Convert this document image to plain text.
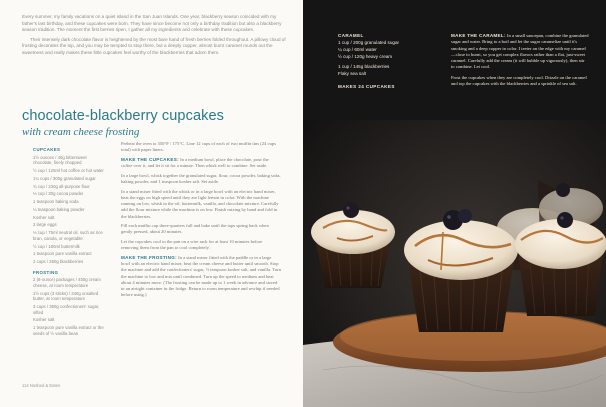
Every summer, my family vacations on a quiet island in the San Juan Islands. One year, blackberry season coincided with my father's last birthday, and these cupcakes were born. They have since become not only a birthday tradition but also a blackberry season tradition. The moment the first berries ripen, I gather all my ingredients and celebrate with these cupcakes.

Their intensely dark chocolate flavor is heightened by the most bare hand of fresh berries folded throughout. A pillowy cloud of frosting decorates the top, and you may be tempted to stop there, but a deeply copper, almost burnt caramel rounds out the sweetness and really makes these little cupcakes feel worthy of the blackberries that adorn them.

chocolate-blackberry cupcakes
with cream cheese frosting
CUPCAKES
1½ ounces / 40g bittersweet chocolate, finely chopped
½ cup / 125ml hot coffee or hot water
1¼ cups / 300g granulated sugar
¾ cup / 230g all-purpose flour
⅓ cup / 30g cocoa powder
1 teaspoon baking soda
¼ teaspoon baking powder
Kosher salt
2 large eggs
⅓ cup / 75ml neutral oil, such as rice bran, canola, or vegetable
½ cup / 180ml buttermilk
1 teaspoon pure vanilla extract
2 cups / 260g blackberries
FROSTING
2 (8-ounce) packages / 450g cream cheese, at room temperature
1½ cups (3 sticks) / 340g unsalted butter, at room temperature
3 cups / 360g confectioners' sugar, sifted
Kosher salt
1 teaspoon pure vanilla extract or the seeds of ½ vanilla bean

Preheat the oven to 350°F / 175°C. Line 12 cups of each of two muffin tins (24 cups total) with paper liners.

MAKE THE CUPCAKES: In a medium bowl, place the chocolate, pour the coffee over it, and let it sit for a minute. Then whisk well to combine. Set aside.

In a large bowl, whisk together the granulated sugar, flour, cocoa powder, baking soda, baking powder, and 1 teaspoon kosher salt. Set aside.

In a stand mixer fitted with the whisk or in a large bowl with an electric hand mixer, beat the eggs on high speed until they are light lemon in color. With the machine running on low, whisk in the oil, buttermilk, vanilla, and chocolate mixture. Carefully add the flour mixture while the machine is on low. Finish mixing by hand and fold in the blackberries.

Fill each muffin cup three-quarters full and bake until the tops spring back when gently pressed, about 20 minutes.

Let the cupcakes cool in the pan on a wire rack for at least 10 minutes before removing them from the pan to cool completely.

MAKE THE FROSTING: In a stand mixer fitted with the paddle or in a large bowl with an electric hand mixer, beat the cream cheese and butter until smooth. Stop the machine and add the confectioners' sugar, ½ teaspoon kosher salt, and vanilla. Turn the machine to low and mix until combined. Turn up the speed to medium and beat about 4 minutes more. (The frosting can be made up to 1 week in advance and stored in an airtight container in the fridge. Return to room temperature and rewhip if needed before using.)

114 Noshed & Eaten
CARAMEL
1 cup / 200g granulated sugar
¼ cup / 60ml water
½ cup / 120g heavy cream
1 cup / 145g blackberries
Flaky sea salt
MAKES 24 CUPCAKES

MAKE THE CARAMEL: In a small saucepan, combine the granulated sugar and water. Bring to a boil and let the sugar caramelize until it's smoking and a deep copper in color. I teeter on the edge with my caramel—close to burnt, so you get complex flavors rather than a flat, just-sweet caramel. Carefully add the cream (it will bubble up vigorously), then stir to combine. Let cool.

Frost the cupcakes when they are completely cool. Drizzle on the caramel and top the cupcakes with the blackberries and a sprinkle of sea salt.
